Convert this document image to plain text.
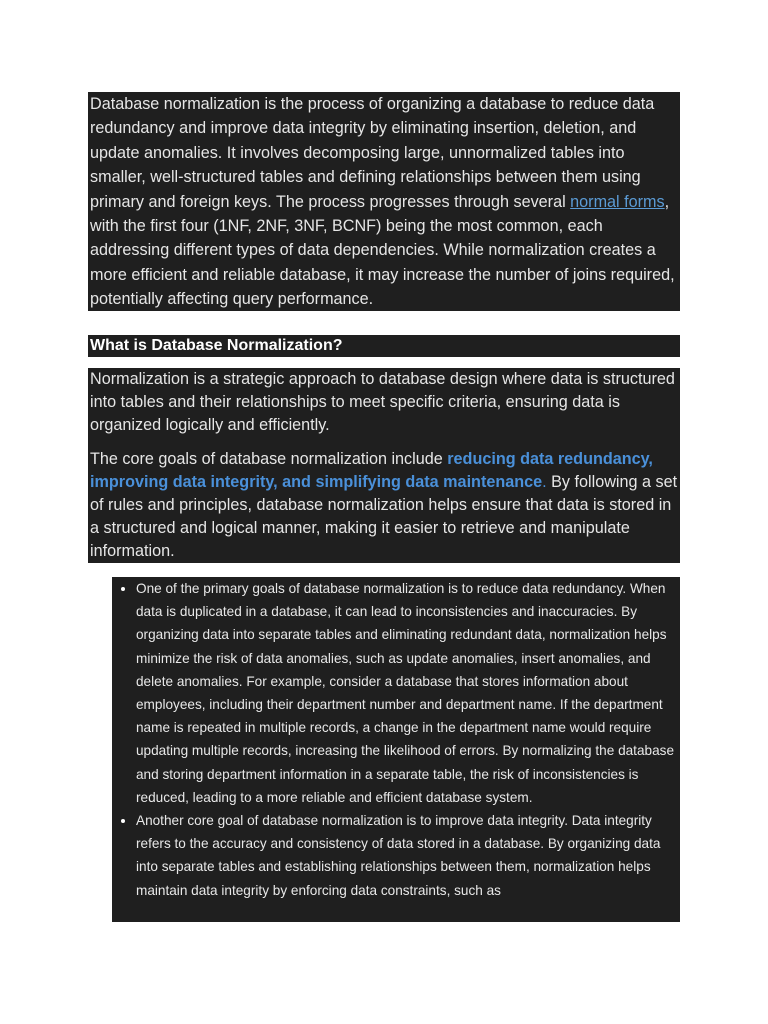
Database normalization is the process of organizing a database to reduce data redundancy and improve data integrity by eliminating insertion, deletion, and update anomalies. It involves decomposing large, unnormalized tables into smaller, well-structured tables and defining relationships between them using primary and foreign keys. The process progresses through several normal forms, with the first four (1NF, 2NF, 3NF, BCNF) being the most common, each addressing different types of data dependencies. While normalization creates a more efficient and reliable database, it may increase the number of joins required, potentially affecting query performance.
What is Database Normalization?

Normalization is a strategic approach to database design where data is structured into tables and their relationships to meet specific criteria, ensuring data is organized logically and efficiently.

The core goals of database normalization include reducing data redundancy, improving data integrity, and simplifying data maintenance. By following a set of rules and principles, database normalization helps ensure that data is stored in a structured and logical manner, making it easier to retrieve and manipulate information.

• One of the primary goals of database normalization is to reduce data redundancy. When data is duplicated in a database, it can lead to inconsistencies and inaccuracies. By organizing data into separate tables and eliminating redundant data, normalization helps minimize the risk of data anomalies, such as update anomalies, insert anomalies, and delete anomalies. For example, consider a database that stores information about employees, including their department number and department name. If the department name is repeated in multiple records, a change in the department name would require updating multiple records, increasing the likelihood of errors. By normalizing the database and storing department information in a separate table, the risk of inconsistencies is reduced, leading to a more reliable and efficient database system.
• Another core goal of database normalization is to improve data integrity. Data integrity refers to the accuracy and consistency of data stored in a database. By organizing data into separate tables and establishing relationships between them, normalization helps maintain data integrity by enforcing data constraints, such as
